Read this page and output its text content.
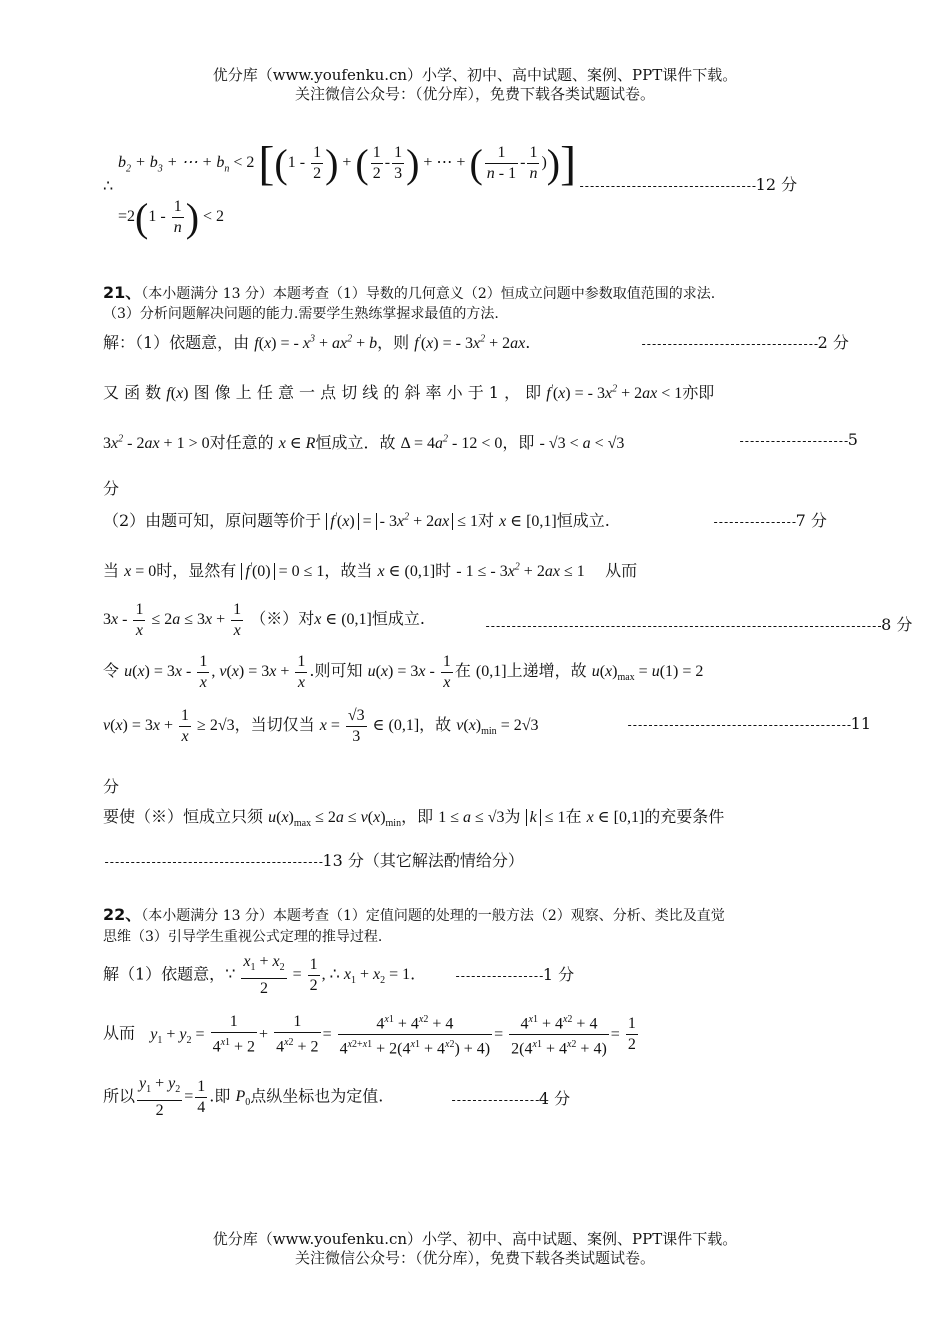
优分库（www.youfenku.cn）小学、初中、高中试题、案例、PPT课件下载。
关注微信公众号：（优分库），免费下载各类试题试卷。
$b_2 + b_3$ + ⋯ + $b_n < 2$ [($1 - \frac{1}{2}$ ) + ( $\frac{1}{2} - \frac{1}{3}$ ) + ⋯ + ( $\frac{1}{n - 1} - \frac{1}{n}$ ))]
∴	----------------------------------12 分
$=2(1 - \frac{1}{n}$ ) < 2
21、（本小题满分 13 分）本题考查（1）导数的几何意义（2）恒成立问题中参数取值范围的求法.
（3）分析问题解决问题的能力.需要学生熟练掌握求最值的方法.
解：（1）依题意，由 f(x) = - $x^3 + ax^2 + b$，则 f'(x) = - $3x^2 + 2ax$.	----------------------------------2 分
又 函 数 f(x) 图 像 上 任 意 一 点 切 线 的 斜 率 小 于 1 ， 即 f'(x) = - $3x^2 + 2ax < 1$亦即
$3x^2 - 2ax + 1 > 0$对任意的 x ∈ R恒成立．故 $\Delta = 4a^2 - 12 < 0$，即 - √3 < a < √3	---------------------5
分
（2）由题可知，原问题等价于 f'(x) = - $3x^2 + 2ax \le 1$对 x ∈ [0,1]恒成立.	----------------7 分
当 x = 0时，显然有 f'(0) = 0 ≤ 1，故当 x ∈ (0,1]时 - 1 ≤ - $3x^2 + 2ax \le 1$ 从而
$3x - \frac{1}{x} \le 2a \le 3x + \frac{1}{x}$ （※）对x ∈ (0,1]恒成立.	----------------------------------------------------------------------------8 分
令 $u(x) = 3x - \frac{1}{x}$ , $v(x) = 3x + \frac{1}{x}$ .则可知 $u(x) = 3x - \frac{1}{x}$ 在 (0,1]上递增，故 $u(x)_{max} = u(1) = 2$
$v(x) = 3x + \frac{1}{x} \ge 2√3$，当切仅当 $x = \frac{√3}{3}$ ∈ (0,1]，故 $v(x)_{min} = 2√3$	-------------------------------------------11
分
要使（※）恒成立只须 $u(x)_{max} \le 2a \le v(x)_{min}$，即 1 ≤ a ≤ √3为 k ≤ 1在 x ∈ [0,1]的充要条件
------------------------------------------13 分（其它解法酌情给分）
22、（本小题满分 13 分）本题考查（1）定值问题的处理的一般方法（2）观察、分析、类比及直觉
思维（3）引导学生重视公式定理的推导过程.
解（1）依题意，∵ $\frac{x_1 + x_2}{2} = \frac{1}{2}$ , ∴ $x_1 + x_2 = 1$.	-----------------1 分
从而 $y_1 + y_2 = \frac{1}{4^{x1} + 2} + \frac{1}{4^{x2} + 2} = \frac{4^{x1} + 4^{x2} + 4}{4^{x2+x1} + 2(4^{x1} + 4^{x2}) + 4)} = \frac{4^{x1} + 4^{x2} + 4}{2(4^{x1} + 4^{x2} + 4)} = \frac{1}{2}$
所以 $\frac{y_1 + y_2}{2} = \frac{1}{4}$ .即 $P_0$点纵坐标也为定值.	-----------------4 分
优分库（www.youfenku.cn）小学、初中、高中试题、案例、PPT课件下载。
关注微信公众号：（优分库），免费下载各类试题试卷。
